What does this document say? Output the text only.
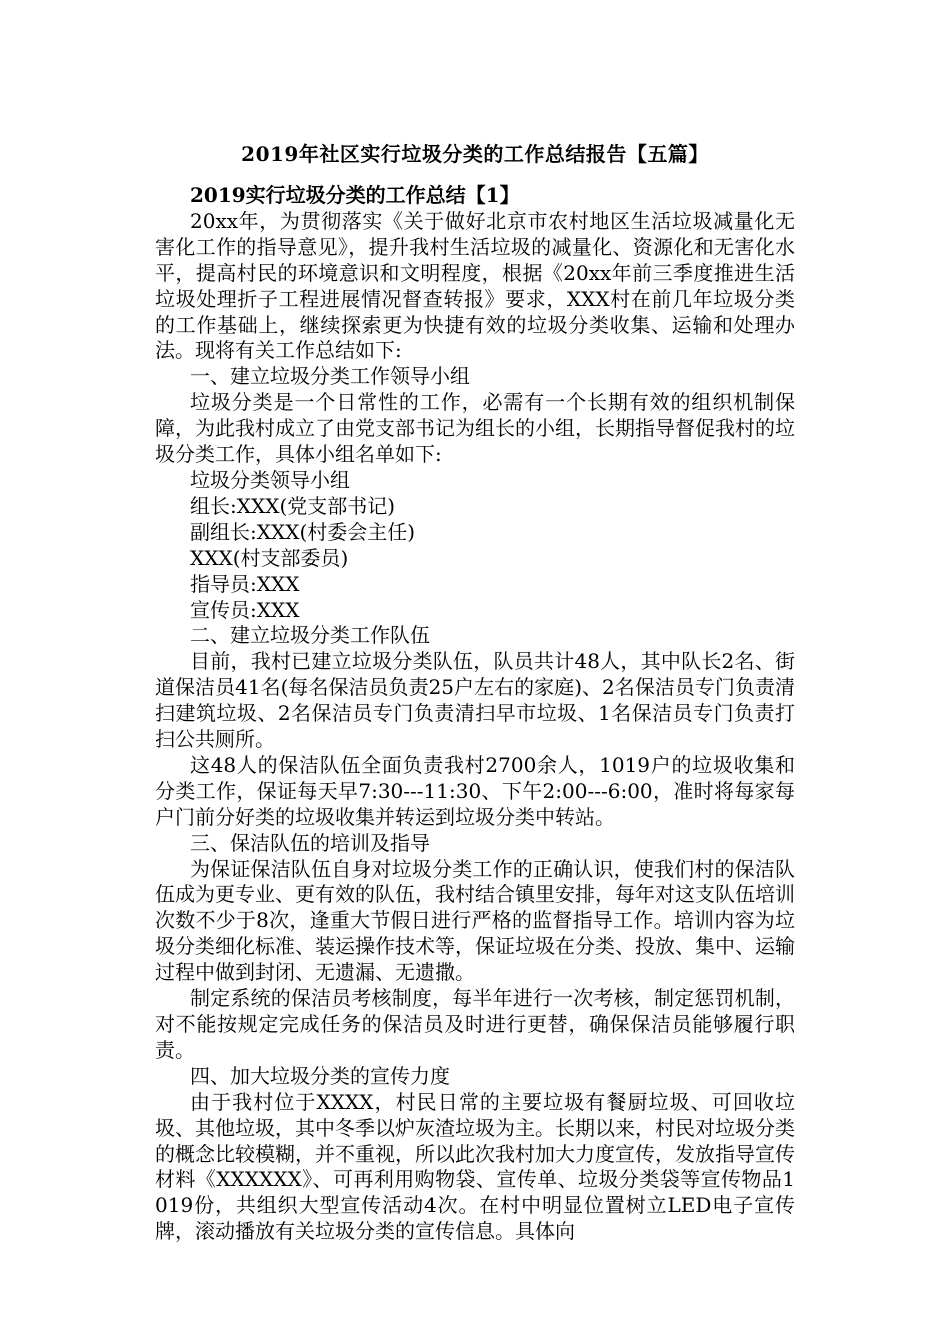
2019年社区实行垃圾分类的工作总结报告【五篇】

2019实行垃圾分类的工作总结【1】

20xx年，为贯彻落实《关于做好北京市农村地区生活垃圾减量化无害化工作的指导意见》，提升我村生活垃圾的减量化、资源化和无害化水平，提高村民的环境意识和文明程度，根据《20xx年前三季度推进生活垃圾处理折子工程进展情况督查转报》要求，XXX村在前几年垃圾分类的工作基础上，继续探索更为快捷有效的垃圾分类收集、运输和处理办法。现将有关工作总结如下:

一、建立垃圾分类工作领导小组

垃圾分类是一个日常性的工作，必需有一个长期有效的组织机制保障，为此我村成立了由党支部书记为组长的小组，长期指导督促我村的垃圾分类工作，具体小组名单如下:

垃圾分类领导小组

组长:XXX(党支部书记)

副组长:XXX(村委会主任)

XXX(村支部委员)

指导员:XXX

宣传员:XXX

二、建立垃圾分类工作队伍

目前，我村已建立垃圾分类队伍，队员共计48人，其中队长2名、街道保洁员41名(每名保洁员负责25户左右的家庭)、2名保洁员专门负责清扫建筑垃圾、2名保洁员专门负责清扫早市垃圾、1名保洁员专门负责打扫公共厕所。

这48人的保洁队伍全面负责我村2700余人，1019户的垃圾收集和分类工作，保证每天早7:30---11:30、下午2:00---6:00，准时将每家每户门前分好类的垃圾收集并转运到垃圾分类中转站。

三、保洁队伍的培训及指导

为保证保洁队伍自身对垃圾分类工作的正确认识，使我们村的保洁队伍成为更专业、更有效的队伍，我村结合镇里安排，每年对这支队伍培训次数不少于8次，逢重大节假日进行严格的监督指导工作。培训内容为垃圾分类细化标准、装运操作技术等，保证垃圾在分类、投放、集中、运输过程中做到封闭、无遗漏、无遗撒。

制定系统的保洁员考核制度，每半年进行一次考核，制定惩罚机制，对不能按规定完成任务的保洁员及时进行更替，确保保洁员能够履行职责。

四、加大垃圾分类的宣传力度

由于我村位于XXXX，村民日常的主要垃圾有餐厨垃圾、可回收垃圾、其他垃圾，其中冬季以炉灰渣垃圾为主。长期以来，村民对垃圾分类的概念比较模糊，并不重视，所以此次我村加大力度宣传，发放指导宣传材料《XXXXXX》、可再利用购物袋、宣传单、垃圾分类袋等宣传物品1019份，共组织大型宣传活动4次。在村中明显位置树立LED电子宣传牌，滚动播放有关垃圾分类的宣传信息。具体向
